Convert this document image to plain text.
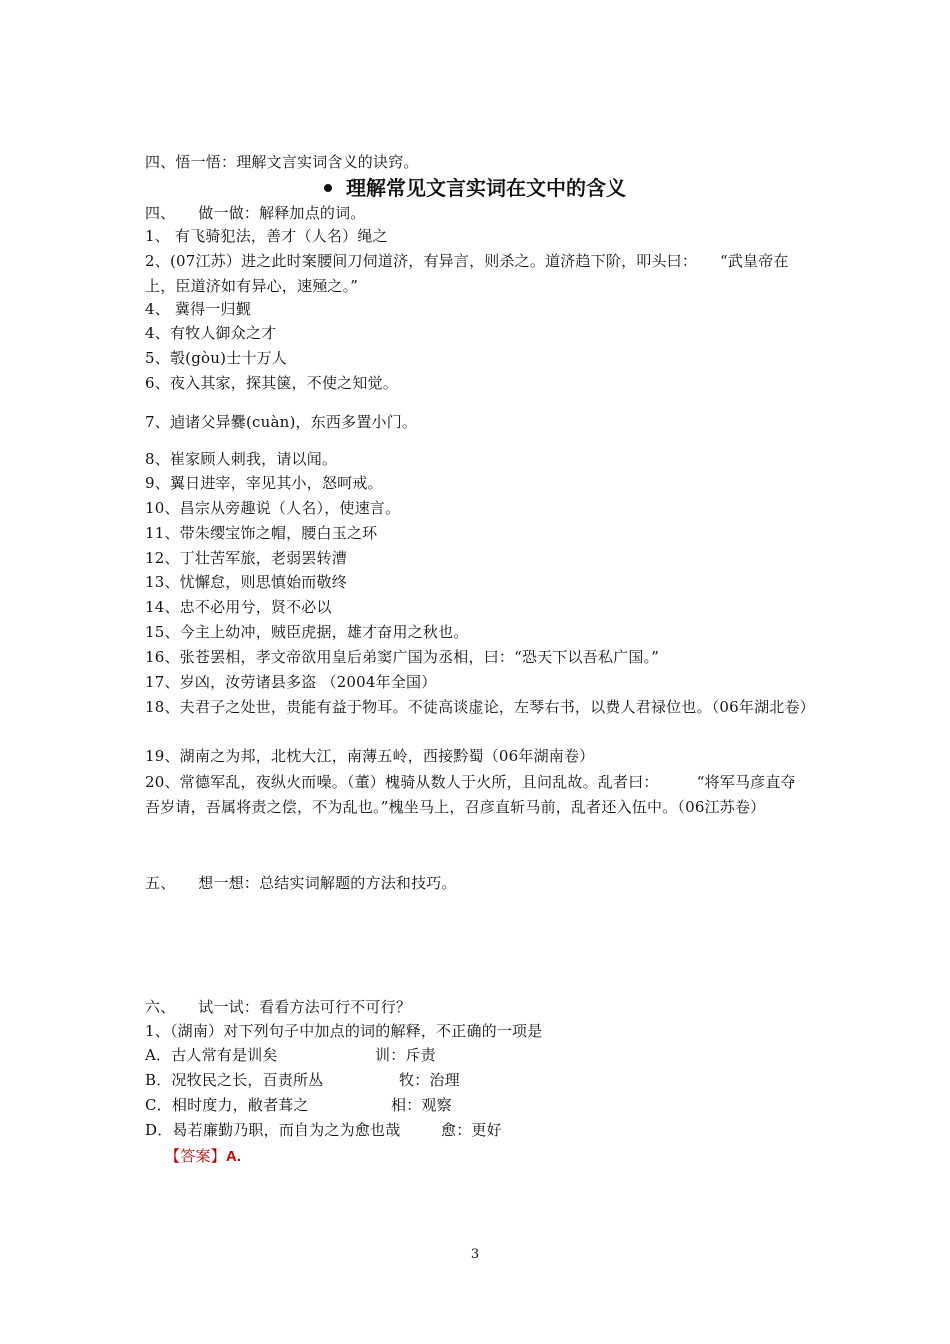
四、悟一悟：理解文言实词含义的诀窍。
理解常见文言实词在文中的含义
四、　　做一做：解释加点的词。
1、 有飞骑犯法，善才（人名）绳之
2、(07江苏）进之此时案腰间刀伺道济，有异言，则杀之。道济趋下阶，叩头曰：　　“武皇帝在上，臣道济如有异心，速殛之。”
4、 冀得一归觐
4、有牧人御众之才
5、彀(gòu)士十万人
6、夜入其家，探其箧，不使之知觉。
7、逌诸父异爨(cuàn)，东西多置小门。
8、崔家顾人刺我，请以闻。
9、翼日进宰，宰见其小，怒呵戒。
10、昌宗从旁趣说（人名），使速言。
11、带朱缨宝饰之帽，腰白玉之环
12、丁壮苦军旅，老弱罢转漕
13、忧懈怠，则思慎始而敬终
14、忠不必用兮，贤不必以
15、今主上幼冲，贼臣虎据，雄才奋用之秋也。
16、张苍罢相，孝文帝欲用皇后弟窦广国为丞相，曰：“恐天下以吾私广国。”
17、岁凶，汝劳诸县多盗 （2004年全国）
18、夫君子之处世，贵能有益于物耳。不徒高谈虚论，左琴右书，以费人君禄位也。（06年湖北卷）
19、湖南之为邦，北枕大江，南薄五岭，西接黔蜀（06年湖南卷）
20、常德军乱，夜纵火而噪。（董）槐骑从数人于火所，且问乱故。乱者曰：　　　“将军马彦直夺吾岁请，吾属将责之偿，不为乱也。”槐坐马上，召彦直斩马前，乱者还入伍中。（06江苏卷）
五、　　想一想：总结实词解题的方法和技巧。
六、　　试一试：看看方法可行不可行？
1、（湖南）对下列句子中加点的词的解释，不正确的一项是
A．古人常有是训矣	训：斥责
B．况牧民之长，百责所丛	牧：治理
C．相时度力，敝者葺之	相：观察
D．曷若廉勤乃职，而自为之为愈也哉	愈：更好
【答案】A.
3
